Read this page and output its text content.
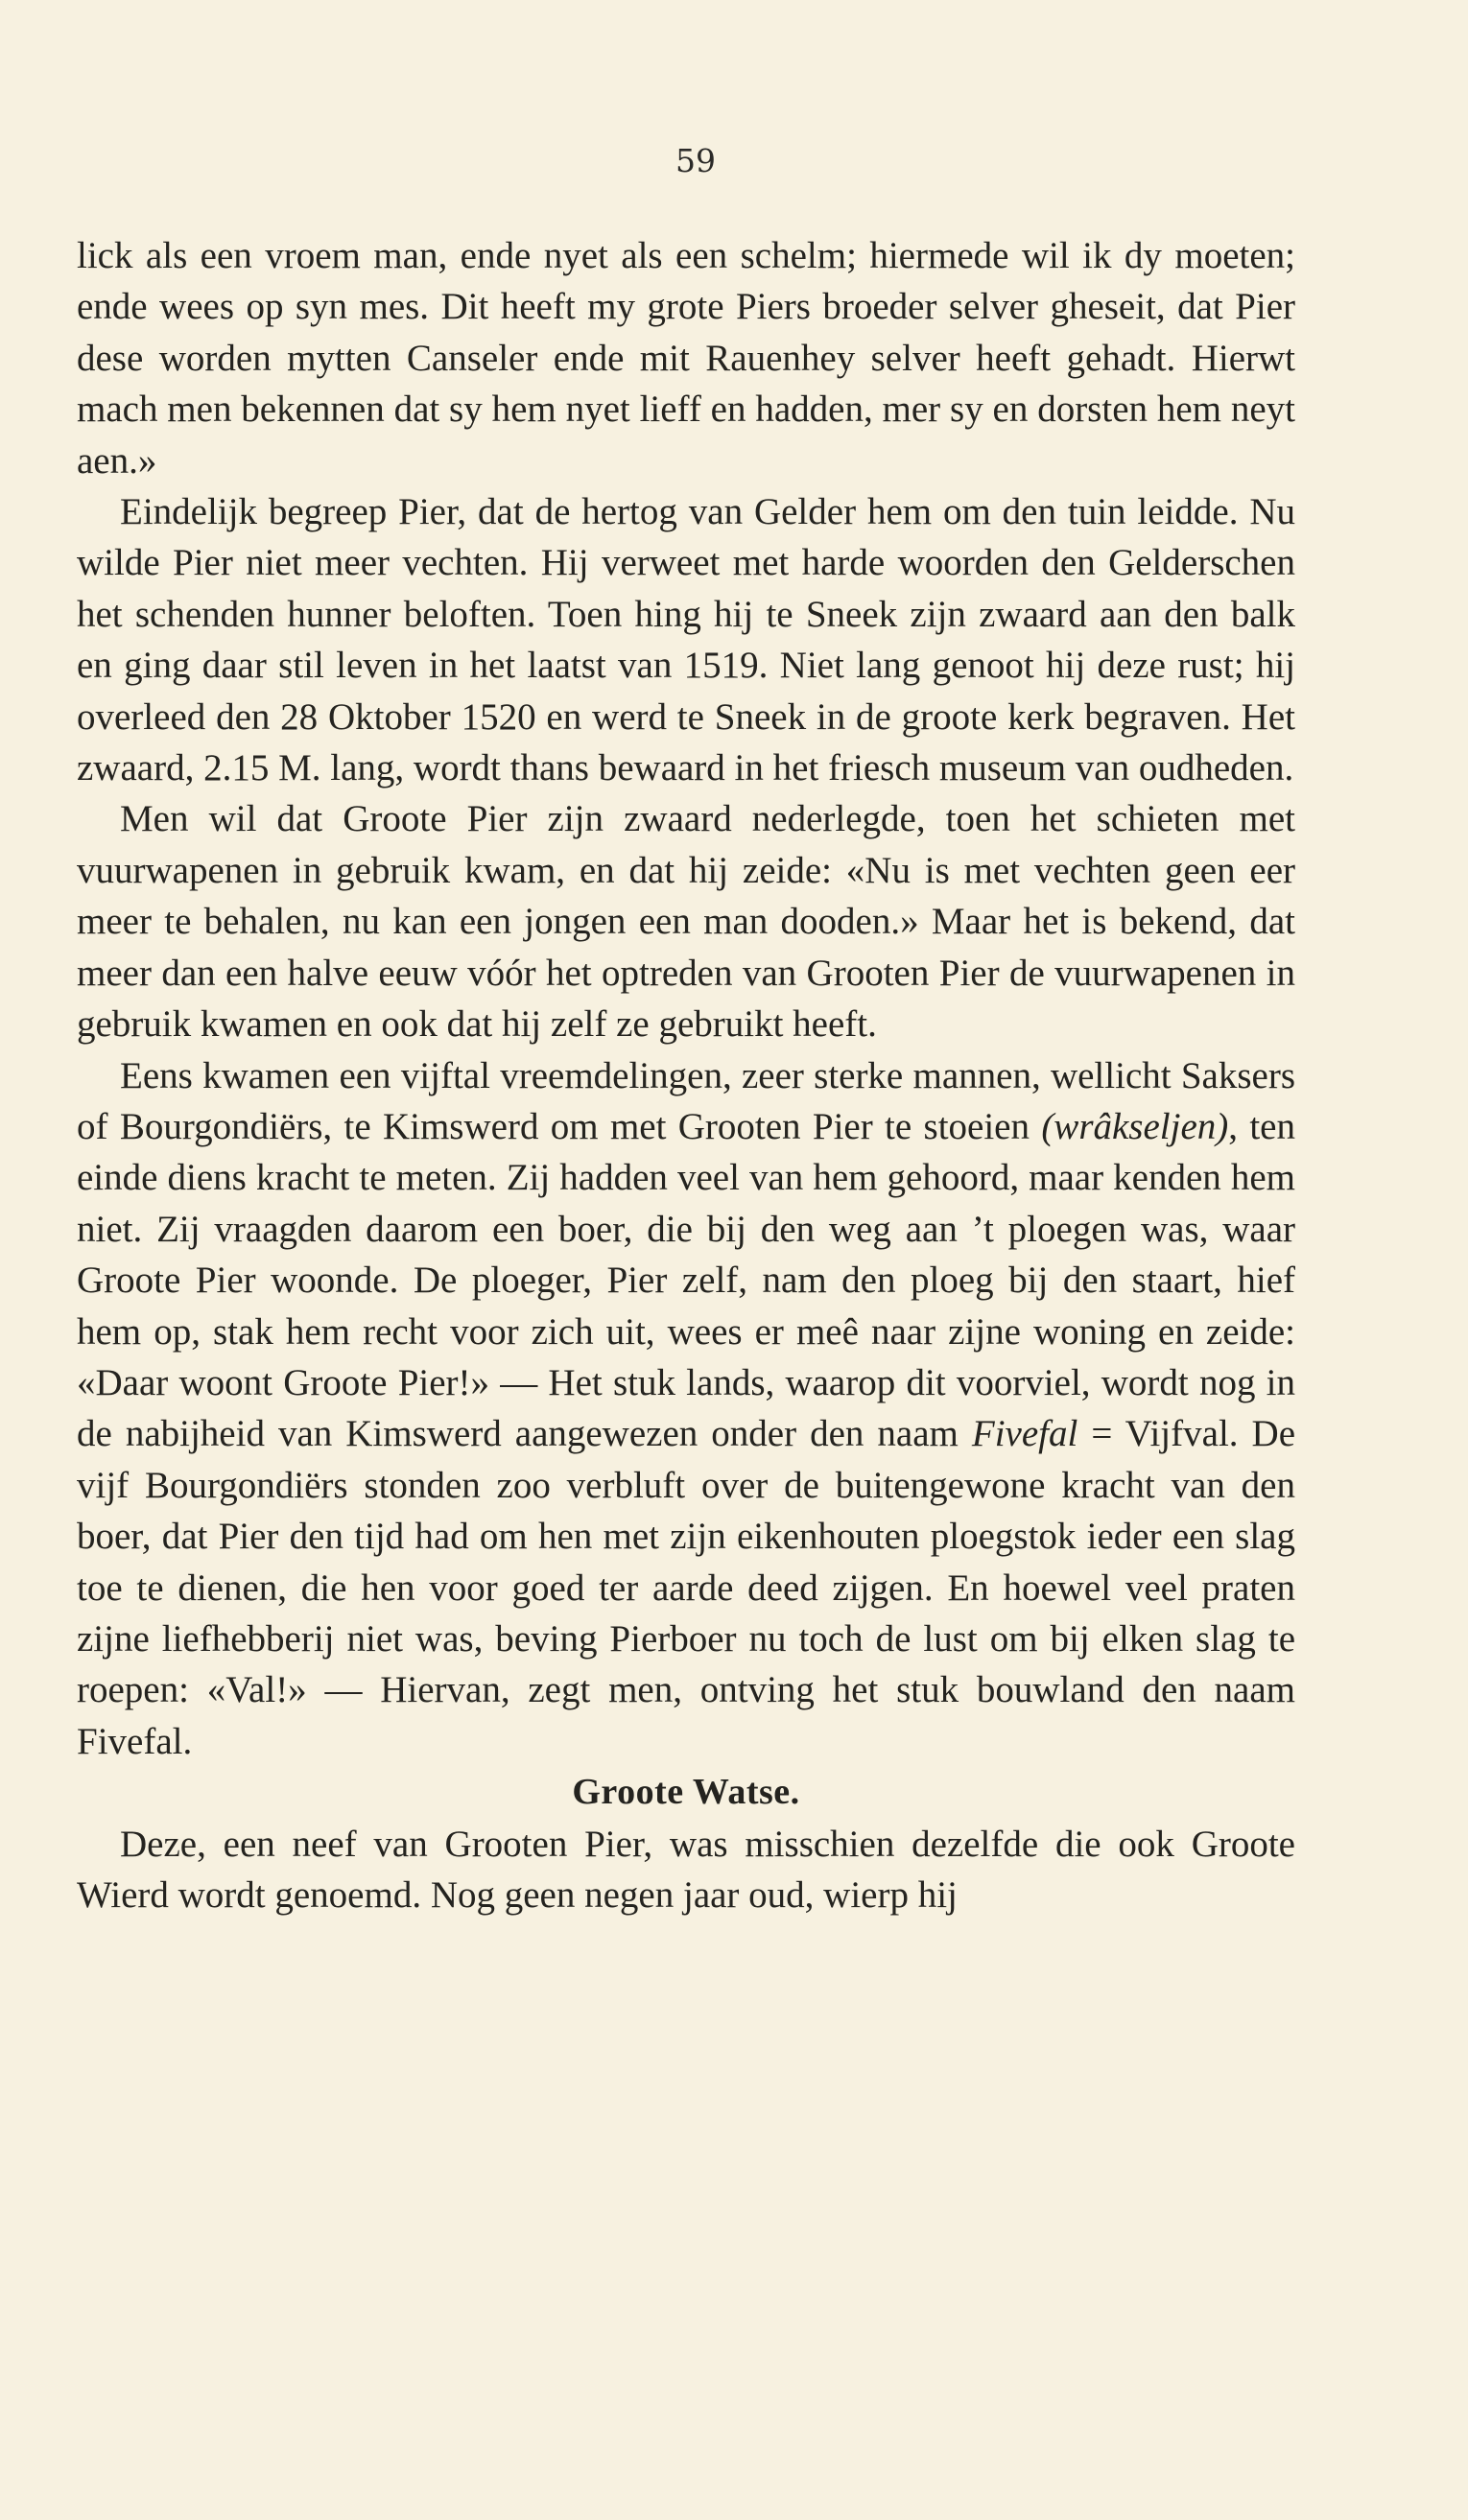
59

lick als een vroem man, ende nyet als een schelm; hiermede wil ik dy moeten; ende wees op syn mes. Dit heeft my grote Piers broeder selver gheseit, dat Pier dese worden mytten Canseler ende mit Rauenhey selver heeft gehadt. Hierwt mach men bekennen dat sy hem nyet lieff en hadden, mer sy en dorsten hem neyt aen.»

Eindelijk begreep Pier, dat de hertog van Gelder hem om den tuin leidde. Nu wilde Pier niet meer vechten. Hij verweet met harde woorden den Gelderschen het schenden hunner beloften. Toen hing hij te Sneek zijn zwaard aan den balk en ging daar stil leven in het laatst van 1519. Niet lang genoot hij deze rust; hij overleed den 28 Oktober 1520 en werd te Sneek in de groote kerk begraven. Het zwaard, 2.15 M. lang, wordt thans bewaard in het friesch museum van oudheden.

Men wil dat Groote Pier zijn zwaard nederlegde, toen het schieten met vuurwapenen in gebruik kwam, en dat hij zeide: «Nu is met vechten geen eer meer te behalen, nu kan een jongen een man dooden.» Maar het is bekend, dat meer dan een halve eeuw vóór het optreden van Grooten Pier de vuurwapenen in gebruik kwamen en ook dat hij zelf ze gebruikt heeft.

Eens kwamen een vijftal vreemdelingen, zeer sterke mannen, wellicht Saksers of Bourgondiërs, te Kimswerd om met Grooten Pier te stoeien (wrâkseljen), ten einde diens kracht te meten. Zij hadden veel van hem gehoord, maar kenden hem niet. Zij vraagden daarom een boer, die bij den weg aan ’t ploegen was, waar Groote Pier woonde. De ploeger, Pier zelf, nam den ploeg bij den staart, hief hem op, stak hem recht voor zich uit, wees er meê naar zijne woning en zeide: «Daar woont Groote Pier!» — Het stuk lands, waarop dit voorviel, wordt nog in de nabijheid van Kimswerd aangewezen onder den naam Fivefal = Vijfval. De vijf Bourgondiërs stonden zoo verbluft over de buitengewone kracht van den boer, dat Pier den tijd had om hen met zijn eikenhouten ploegstok ieder een slag toe te dienen, die hen voor goed ter aarde deed zijgen. En hoewel veel praten zijne liefhebberij niet was, beving Pierboer nu toch de lust om bij elken slag te roepen: «Val!» — Hiervan, zegt men, ontving het stuk bouwland den naam Fivefal.

Groote Watse.

Deze, een neef van Grooten Pier, was misschien dezelfde die ook Groote Wierd wordt genoemd. Nog geen negen jaar oud, wierp hij
